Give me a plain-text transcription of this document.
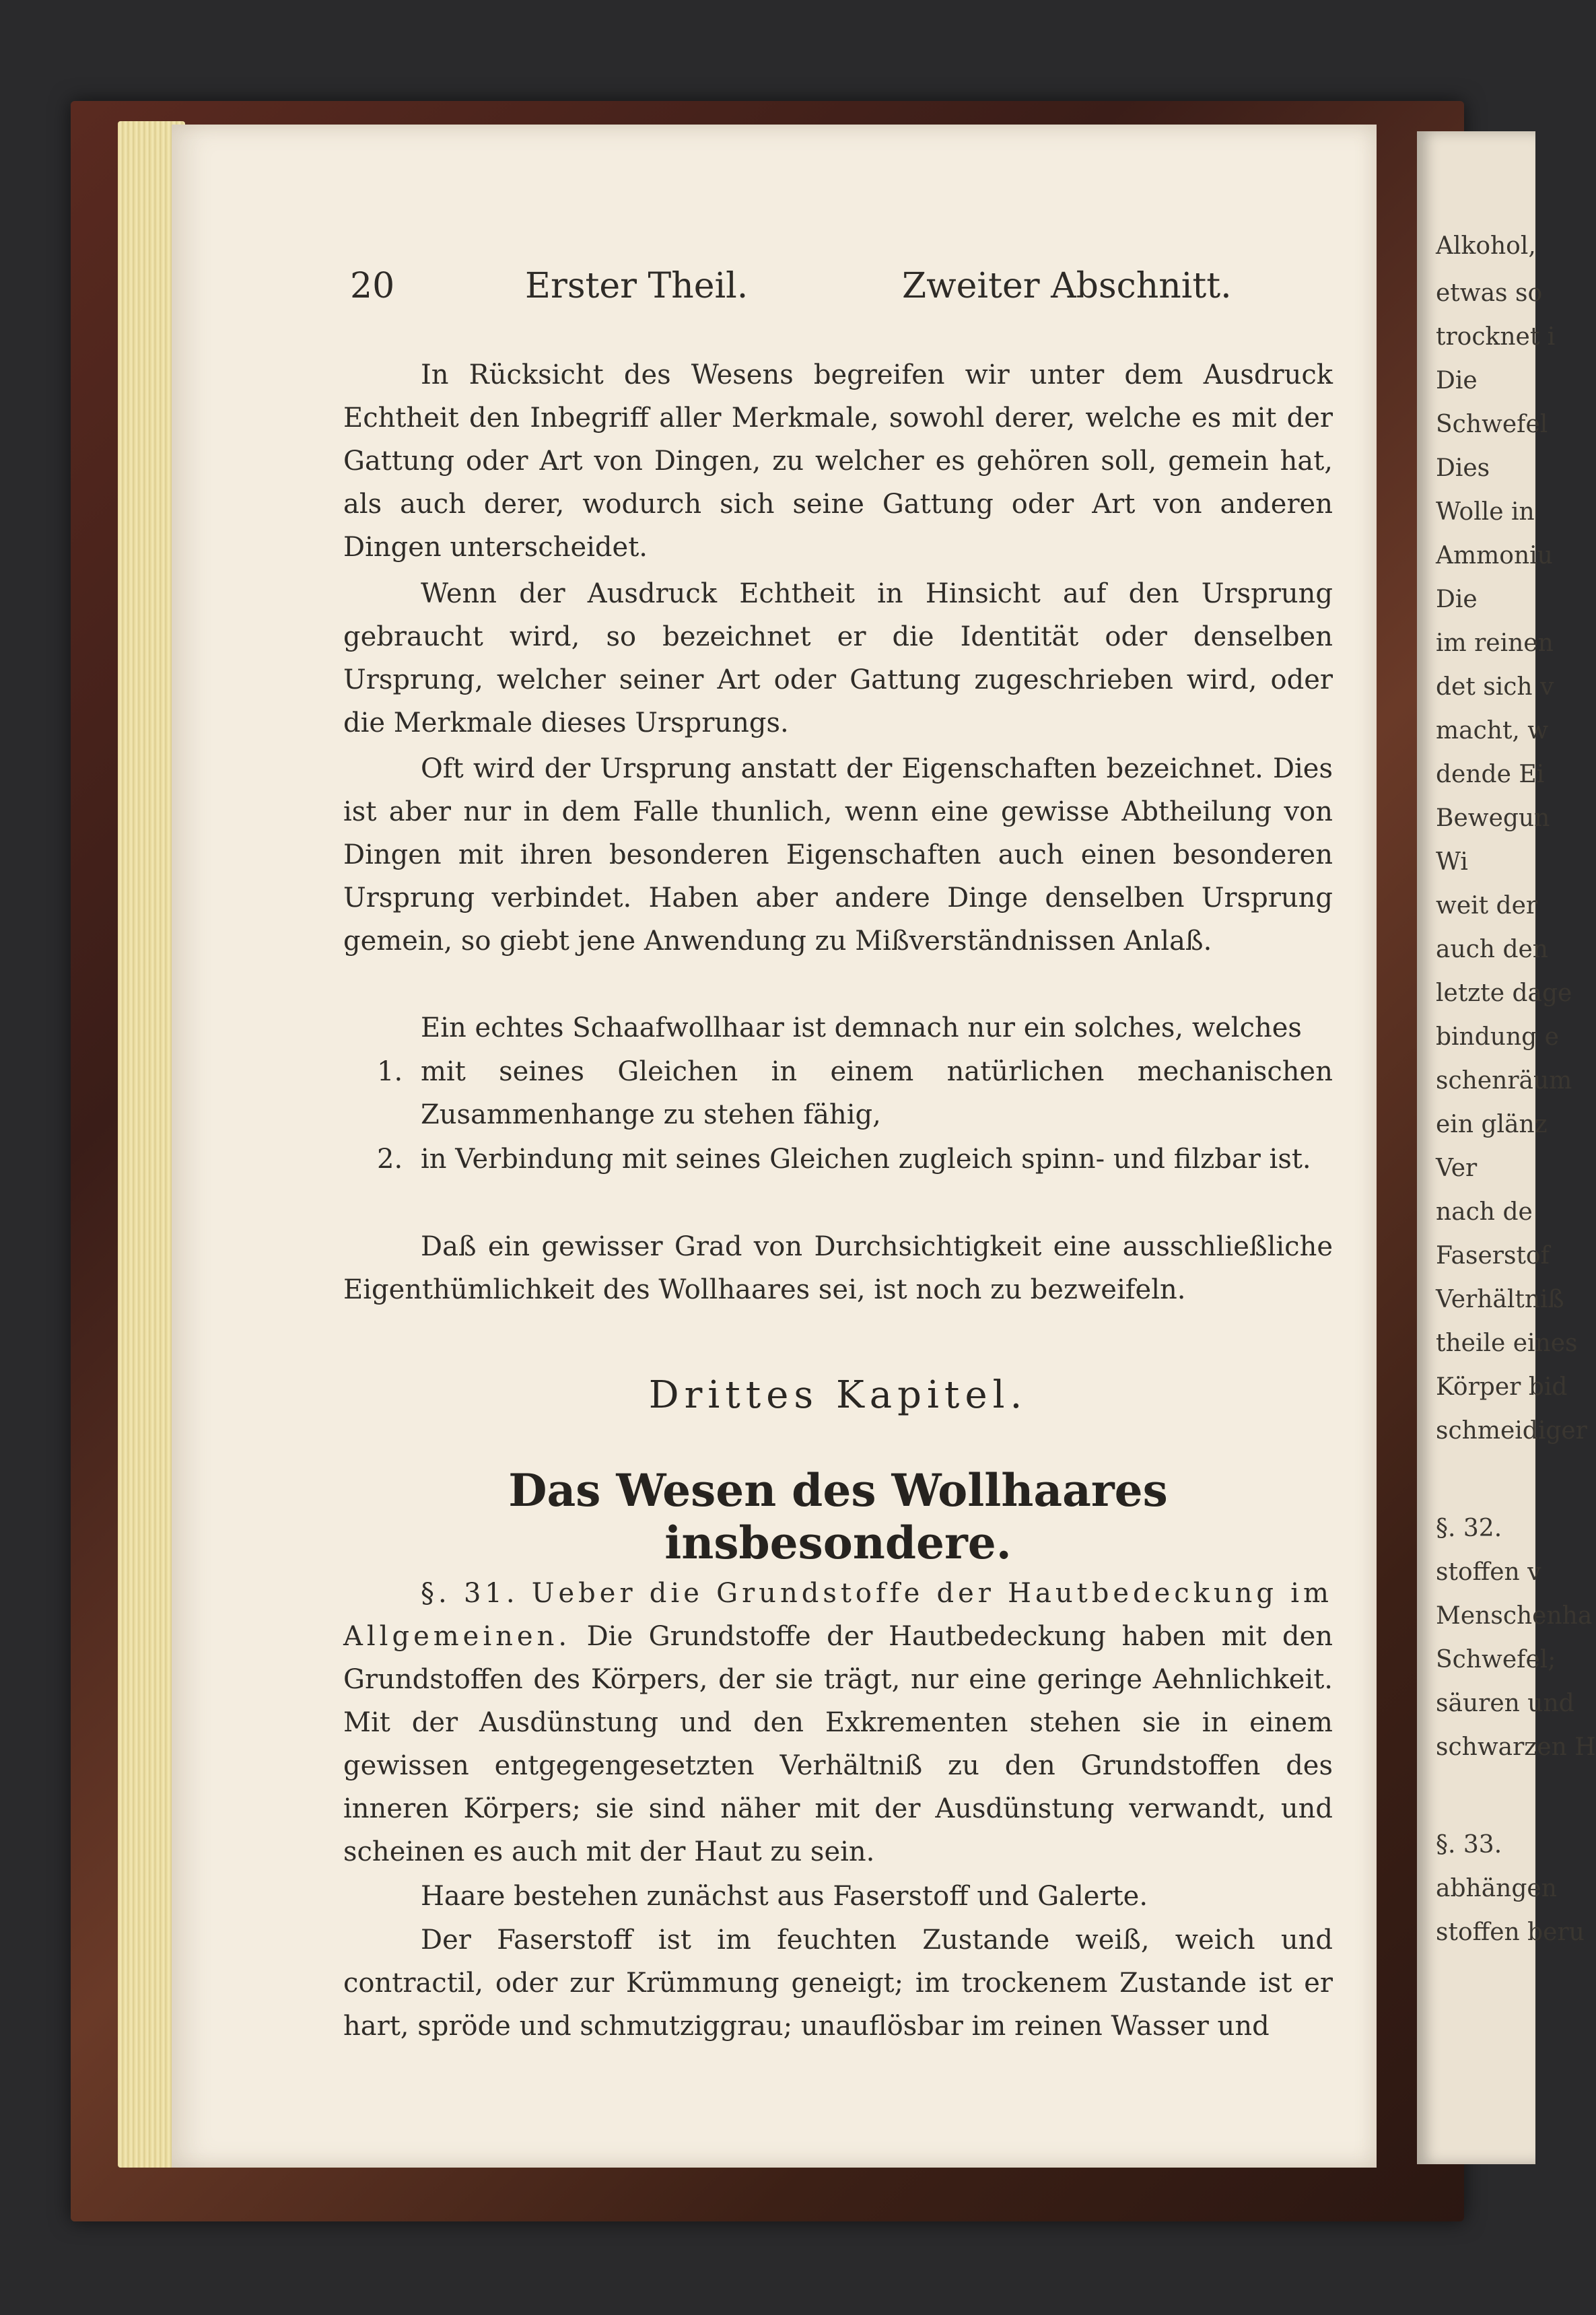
Alkohol,
etwas so
trocknet i
Die
Schwefel
Dies
Wolle in
Ammoniu
Die
im reinen
det sich v
macht, w
dende Ei
Bewegun
Wi
weit der
auch den
letzte dage
bindung e
schenräum
ein glänz
Ver
nach de
Faserstof
Verhältniß
theile eines
Körper bid
schmeidiger
§. 32.
stoffen v
Menschenha
Schwefel;
säuren und
schwarzen H
§. 33.
abhängen
stoffen beru
20	Erster Theil.	Zweiter Abschnitt.

In Rücksicht des Wesens begreifen wir unter dem Ausdruck Echtheit den Inbegriff aller Merkmale, sowohl derer, welche es mit der Gattung oder Art von Dingen, zu welcher es gehören soll, gemein hat, als auch derer, wodurch sich seine Gattung oder Art von anderen Dingen unterscheidet.

Wenn der Ausdruck Echtheit in Hinsicht auf den Ursprung gebraucht wird, so bezeichnet er die Identität oder denselben Ursprung, welcher seiner Art oder Gattung zugeschrieben wird, oder die Merkmale dieses Ursprungs.

Oft wird der Ursprung anstatt der Eigenschaften bezeichnet. Dies ist aber nur in dem Falle thunlich, wenn eine gewisse Abtheilung von Dingen mit ihren besonderen Eigenschaften auch einen besonderen Ursprung verbindet. Haben aber andere Dinge denselben Ursprung gemein, so giebt jene Anwendung zu Mißverständnissen Anlaß.

Ein echtes Schaafwollhaar ist demnach nur ein solches, welches

1. mit seines Gleichen in einem natürlichen mechanischen Zusammenhange zu stehen fähig,
2. in Verbindung mit seines Gleichen zugleich spinn- und filzbar ist.

Daß ein gewisser Grad von Durchsichtigkeit eine ausschließliche Eigenthümlichkeit des Wollhaares sei, ist noch zu bezweifeln.

Drittes Kapitel.
Das Wesen des Wollhaares insbesondere.

§. 31. Ueber die Grundstoffe der Hautbedeckung im Allgemeinen. Die Grundstoffe der Hautbedeckung haben mit den Grundstoffen des Körpers, der sie trägt, nur eine geringe Aehnlichkeit. Mit der Ausdünstung und den Exkrementen stehen sie in einem gewissen entgegengesetzten Verhältniß zu den Grundstoffen des inneren Körpers; sie sind näher mit der Ausdünstung verwandt, und scheinen es auch mit der Haut zu sein.

Haare bestehen zunächst aus Faserstoff und Galerte.

Der Faserstoff ist im feuchten Zustande weiß, weich und contractil, oder zur Krümmung geneigt; im trockenem Zustande ist er hart, spröde und schmutziggrau; unauflösbar im reinen Wasser und
